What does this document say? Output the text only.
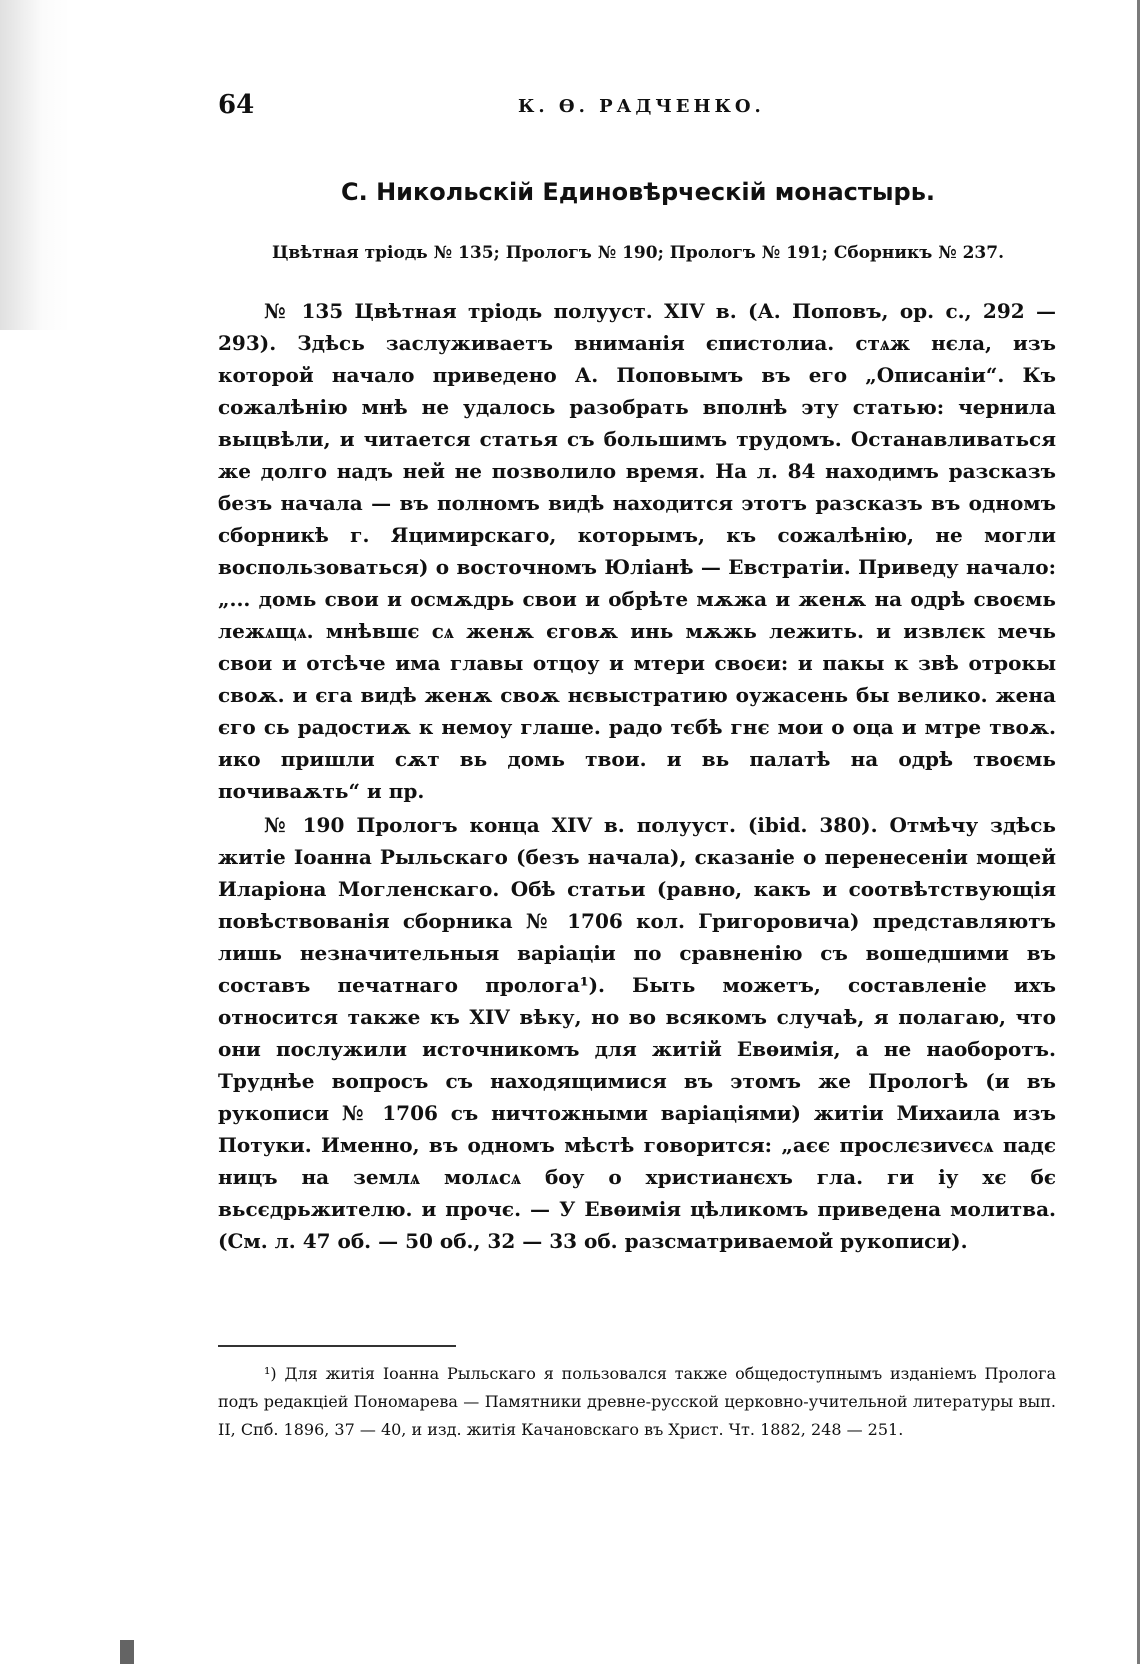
64	К. Ө. РАДЧЕНКО.
С. Никольскій Единовѣрческій монастырь.
Цвѣтная тріодь № 135; Прологъ № 190; Прологъ № 191; Сборникъ № 237.

№ 135 Цвѣтная тріодь полууст. XIV в. (А. Поповъ, ор. с., 292 — 293). Здѣсь заслуживаетъ вниманія єпистолиа. стѧж нєла, изъ которой начало приведено А. Поповымъ въ его „Описаніи“. Къ сожалѣнію мнѣ не удалось разобрать вполнѣ эту статью: чернила выцвѣли, и читается статья съ большимъ трудомъ. Останавливаться же долго надъ ней не позволило время. На л. 84 находимъ разсказъ безъ начала — въ полномъ видѣ находится этотъ разсказъ въ одномъ сборникѣ г. Яцимирскаго, которымъ, къ сожалѣнію, не могли воспользоваться) о восточномъ Юліанѣ — Евстратіи. Приведу начало: „... домь свои и осмѫдрь свои и обрѣте мѫжа и женѫ на одрѣ своємь лежѧщѧ. мнѣвшє сѧ женѫ єговѫ инь мѫжь лежить. и извлєк мечь свои и отсѣче има главы отцоу и мтери своєи: и пакы к звѣ отрокы своѫ. и єга видѣ женѫ своѫ нєвыстратию оужасень бы велико. жена єго сь радостиѫ к немоу глаше. радо тєбѣ гнє мои о оца и мтре твоѫ. ико пришли сѫт вь домь твои. и вь палатѣ на одрѣ твоємь почивaѫть“ и пр.

№ 190 Прологъ конца XIV в. полууст. (ibid. 380). Отмѣчу здѣсь житіе Іоанна Рыльскаго (безъ начала), сказаніе о перенесеніи мощей Иларіона Могленскаго. Обѣ статьи (равно, какъ и соотвѣтствующія повѣствованія сборника № 1706 кол. Григоровича) представляютъ лишь незначительныя варіаціи по сравненію съ вошедшими въ составъ печатнаго пролога¹). Быть можетъ, составленіе ихъ относится также къ XIV вѣку, но во всякомъ случаѣ, я полагаю, что они послужили источникомъ для житій Евѳимія, а не наоборотъ. Труднѣе вопросъ съ находящимися въ этомъ же Прологѣ (и въ рукописи № 1706 съ ничтожными варіаціями) житіи Михаила изъ Потуки. Именно, въ одномъ мѣстѣ говорится: „аєє прослєзиvєсѧ падє ницъ на землѧ молѧсѧ боу о христианєхъ гла. ги іу хє бє вьсєдрьжителю. и прочє. — У Евѳимія цѣликомъ приведена молитва. (См. л. 47 об. — 50 об., 32 — 33 об. разсматриваемой рукописи).

¹) Для житія Іоанна Рыльскаго я пользовался также общедоступнымъ изданіемъ Пролога подъ редакціей Пономарева — Памятники древне-русской церковно-учительной литературы вып. II, Спб. 1896, 37 — 40, и изд. житія Качановскаго въ Христ. Чт. 1882, 248 — 251.
